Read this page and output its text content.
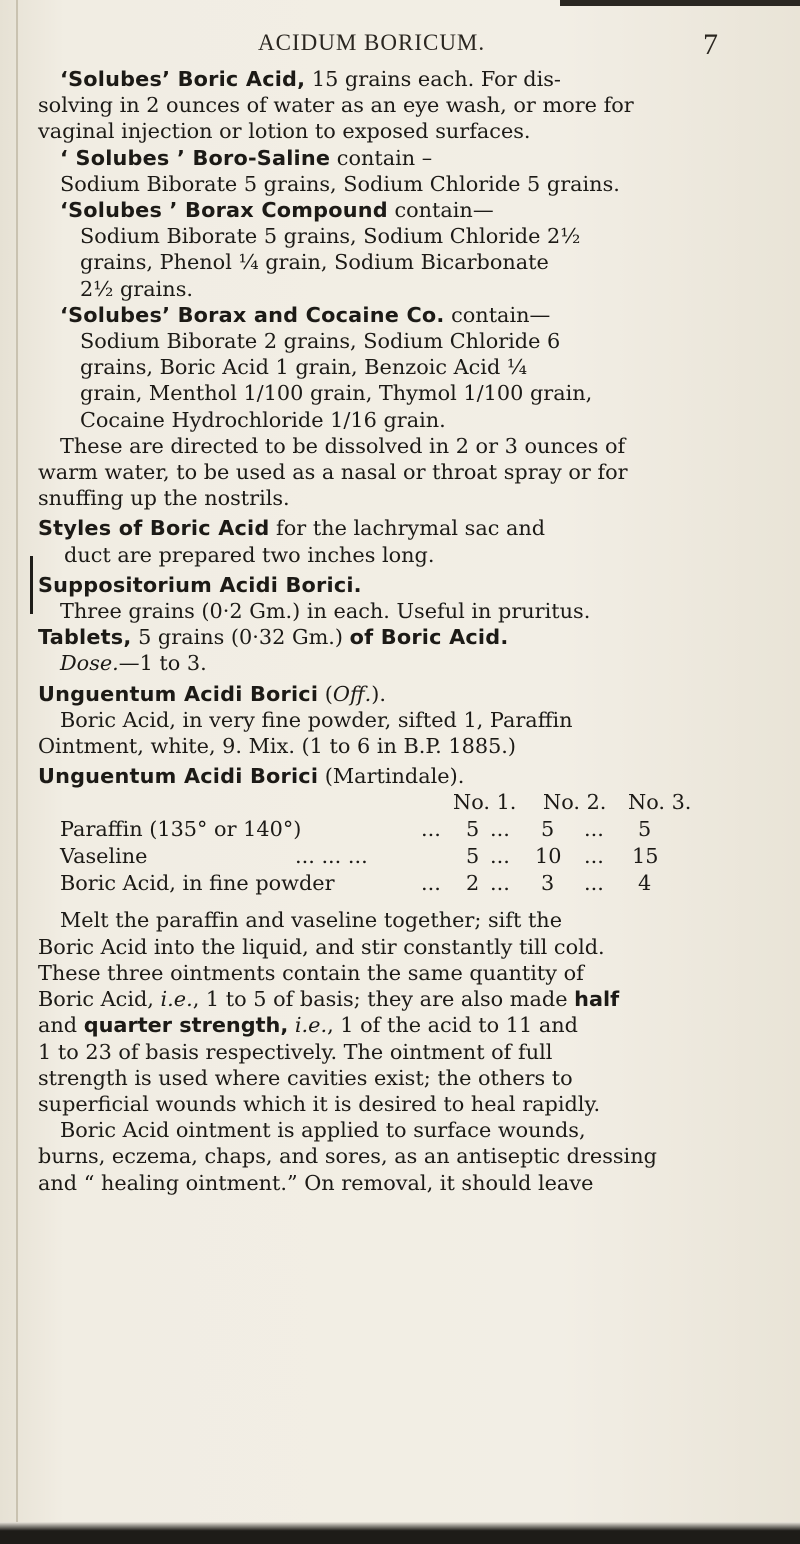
ACIDUM BORICUM.	7
‘Solubes’ Boric Acid, 15 grains each. For dis-
solving in 2 ounces of water as an eye wash, or more for
vaginal injection or lotion to exposed surfaces.
‘ Solubes ’ Boro-Saline contain –
Sodium Biborate 5 grains, Sodium Chloride 5 grains.
‘Solubes ’ Borax Compound contain—
Sodium Biborate 5 grains, Sodium Chloride 2½
grains, Phenol ¼ grain, Sodium Bicarbonate
2½ grains.
‘Solubes’ Borax and Cocaine Co. contain—
Sodium Biborate 2 grains, Sodium Chloride 6
grains, Boric Acid 1 grain, Benzoic Acid ¼
grain, Menthol 1/100 grain, Thymol 1/100 grain,
Cocaine Hydrochloride 1/16 grain.
These are directed to be dissolved in 2 or 3 ounces of
warm water, to be used as a nasal or throat spray or for
snuffing up the nostrils.
Styles of Boric Acid for the lachrymal sac and
duct are prepared two inches long.
Suppositorium Acidi Borici.
Three grains (0·2 Gm.) in each. Useful in pruritus.
Tablets, 5 grains (0·32 Gm.) of Boric Acid.
Dose.—1 to 3.
Unguentum Acidi Borici (Off.).
Boric Acid, in very fine powder, sifted 1, Paraffin
Ointment, white, 9. Mix. (1 to 6 in B.P. 1885.)
Unguentum Acidi Borici (Martindale).
No. 1. No. 2. No. 3.
Paraffin (135° or 140°)	... 5 ... 5 ... 5
Vaseline	... ... ...	5 ... 10 ... 15
Boric Acid, in fine powder	... 2 ... 3 ... 4
Melt the paraffin and vaseline together; sift the
Boric Acid into the liquid, and stir constantly till cold.
These three ointments contain the same quantity of
Boric Acid, i.e., 1 to 5 of basis; they are also made half
and quarter strength, i.e., 1 of the acid to 11 and
1 to 23 of basis respectively. The ointment of full
strength is used where cavities exist; the others to
superficial wounds which it is desired to heal rapidly.
Boric Acid ointment is applied to surface wounds,
burns, eczema, chaps, and sores, as an antiseptic dressing
and “ healing ointment.” On removal, it should leave
